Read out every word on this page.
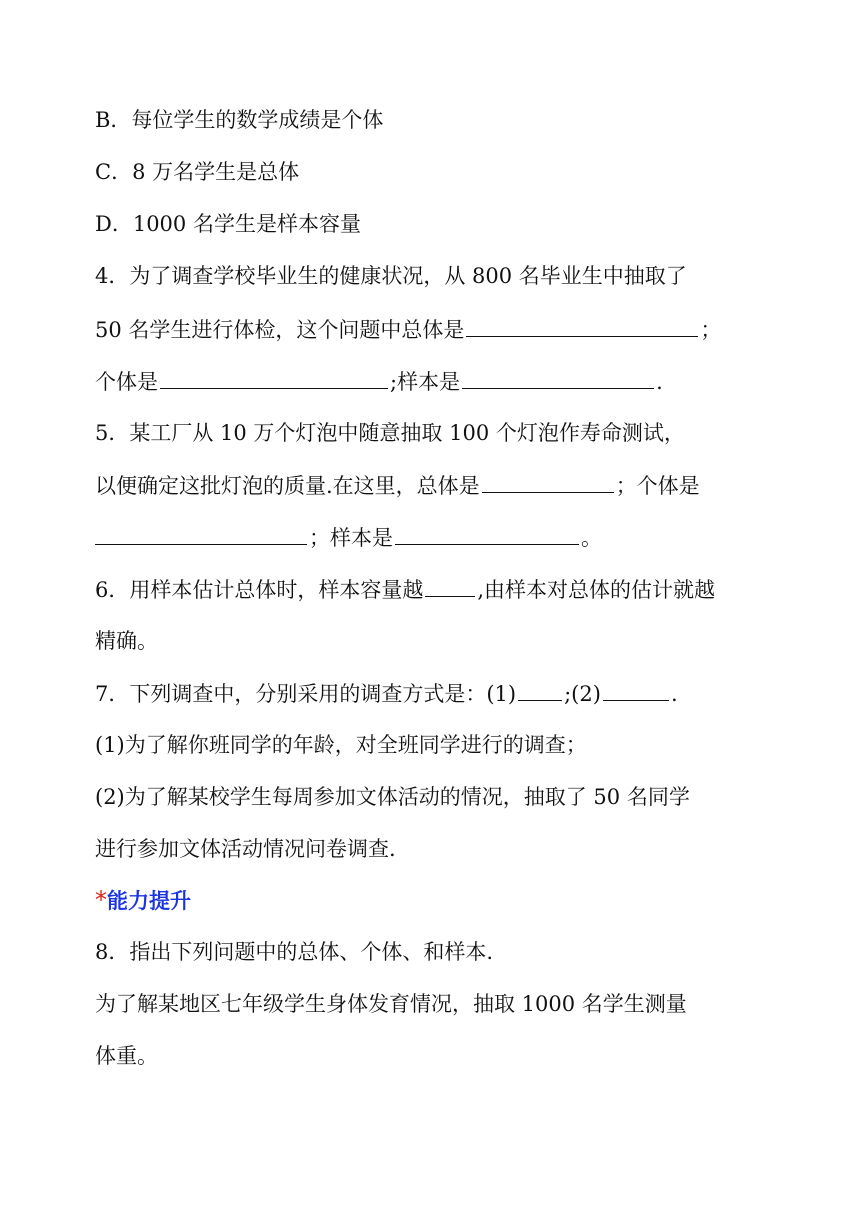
B．每位学生的数学成绩是个体
C．8 万名学生是总体
D．1000 名学生是样本容量
4．为了调查学校毕业生的健康状况，从 800 名毕业生中抽取了
50 名学生进行体检，这个问题中总体是	；
个体是	;样本是	.
5．某工厂从 10 万个灯泡中随意抽取 100 个灯泡作寿命测试，
以便确定这批灯泡的质量.在这里，总体是	；个体是
；样本是	。
6．用样本估计总体时，样本容量越	,由样本对总体的估计就越
精确。
7．下列调查中，分别采用的调查方式是：(1) ;(2)	.
(1)为了解你班同学的年龄，对全班同学进行的调查；
(2)为了解某校学生每周参加文体活动的情况，抽取了 50 名同学
进行参加文体活动情况问卷调查.
*能力提升
8．指出下列问题中的总体、个体、和样本.
为了解某地区七年级学生身体发育情况，抽取 1000 名学生测量
体重。
